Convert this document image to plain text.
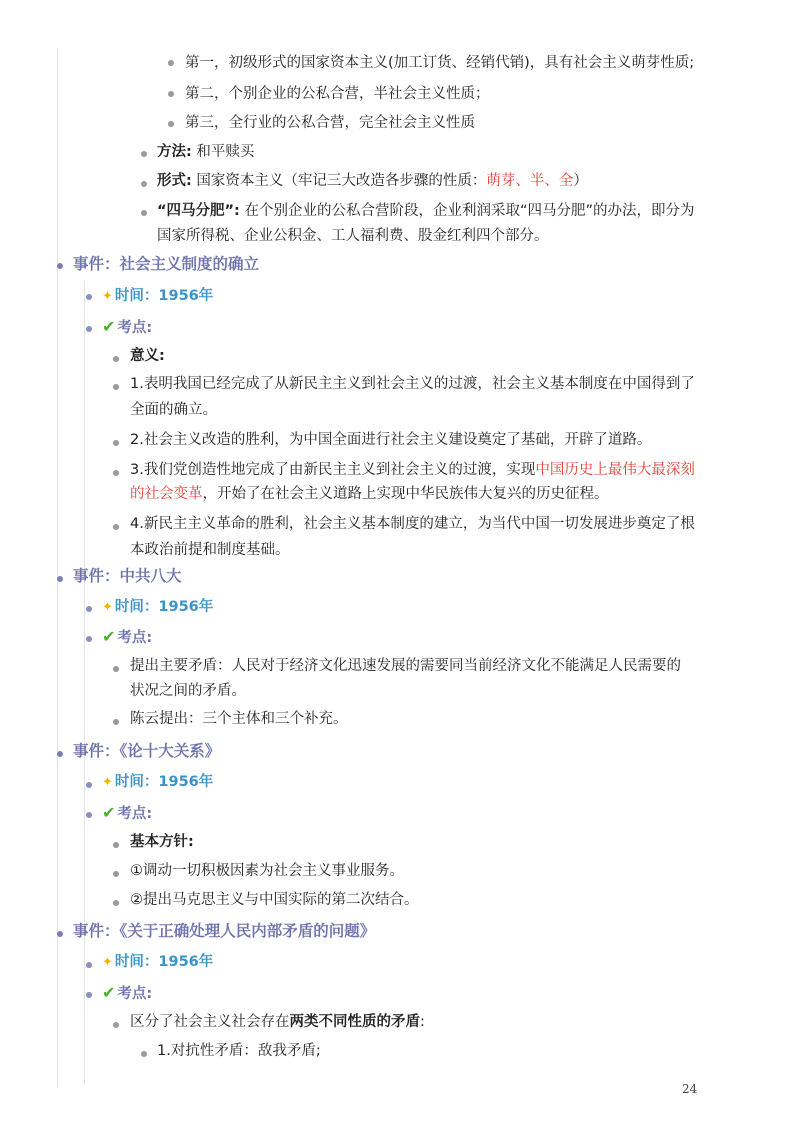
第一，初级形式的国家资本主义(加工订货、经销代销)，具有社会主义萌芽性质;
第二，个别企业的公私合营，半社会主义性质；
第三，全行业的公私合营，完全社会主义性质
方法: 和平赎买
形式: 国家资本主义（牢记三大改造各步骤的性质：萌芽、半、全）
“四马分肥”: 在个别企业的公私合营阶段，企业利润采取“四马分肥”的办法，即分为
国家所得税、企业公积金、工人福利费、股金红利四个部分。
事件：社会主义制度的确立
✦ 时间：1956年
✔ 考点:
意义:
1.表明我国已经完成了从新民主主义到社会主义的过渡，社会主义基本制度在中国得到了
全面的确立。
2.社会主义改造的胜利，为中国全面进行社会主义建设奠定了基础，开辟了道路。
3.我们党创造性地完成了由新民主主义到社会主义的过渡，实现中国历史上最伟大最深刻
的社会变革，开始了在社会主义道路上实现中华民族伟大复兴的历史征程。
4.新民主主义革命的胜利，社会主义基本制度的建立，为当代中国一切发展进步奠定了根
本政治前提和制度基础。
事件：中共八大
✦ 时间：1956年
✔ 考点:
提出主要矛盾：人民对于经济文化迅速发展的需要同当前经济文化不能满足人民需要的
状况之间的矛盾。
陈云提出：三个主体和三个补充。
事件：《论十大关系》
✦ 时间：1956年
✔ 考点:
基本方针:
①调动一切积极因素为社会主义事业服务。
②提出马克思主义与中国实际的第二次结合。
事件：《关于正确处理人民内部矛盾的问题》
✦ 时间：1956年
✔ 考点:
区分了社会主义社会存在两类不同性质的矛盾:
1.对抗性矛盾：敌我矛盾;
24
